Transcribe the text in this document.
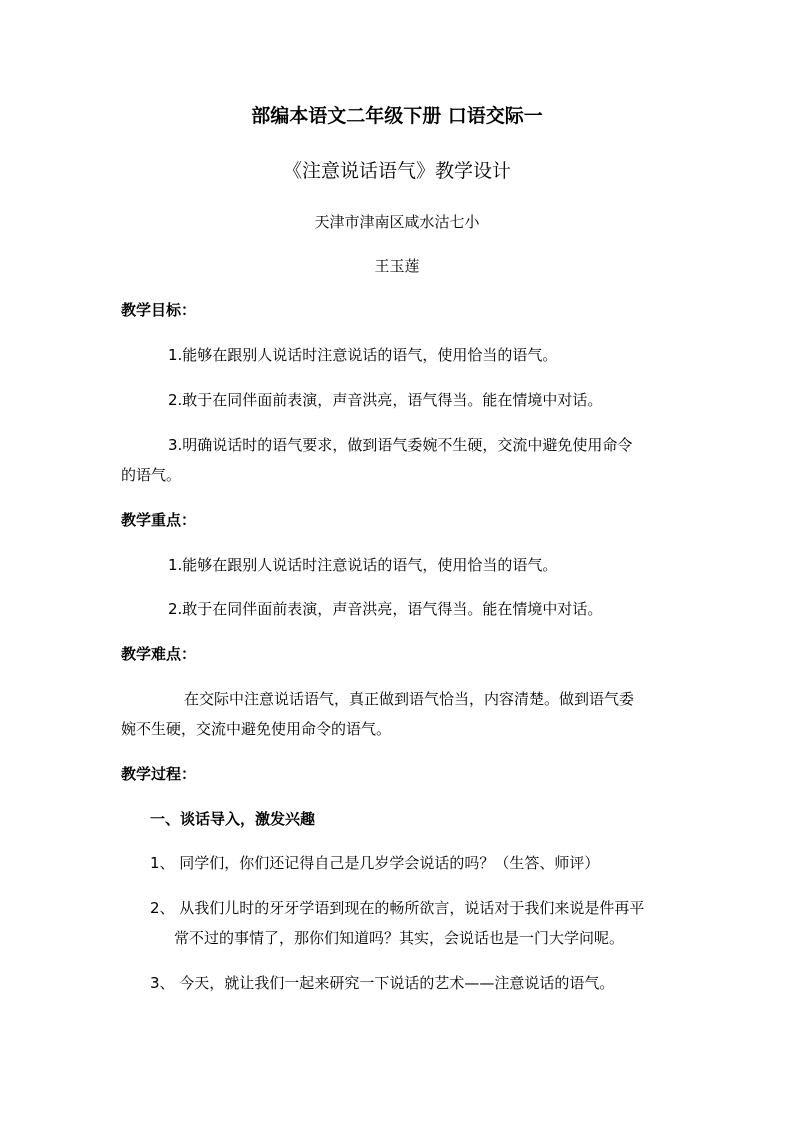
部编本语文二年级下册 口语交际一
《注意说话语气》教学设计
天津市津南区咸水沽七小
王玉莲
教学目标：
1.能够在跟别人说话时注意说话的语气，使用恰当的语气。
2.敢于在同伴面前表演，声音洪亮，语气得当。能在情境中对话。
3.明确说话时的语气要求，做到语气委婉不生硬，交流中避免使用命令
的语气。
教学重点：
1.能够在跟别人说话时注意说话的语气，使用恰当的语气。
2.敢于在同伴面前表演，声音洪亮，语气得当。能在情境中对话。
教学难点：
在交际中注意说话语气，真正做到语气恰当，内容清楚。做到语气委
婉不生硬，交流中避免使用命令的语气。
教学过程：
一、谈话导入，激发兴趣
1、 同学们，你们还记得自己是几岁学会说话的吗？（生答、师评）
2、 从我们儿时的牙牙学语到现在的畅所欲言，说话对于我们来说是件再平
常不过的事情了，那你们知道吗？其实，会说话也是一门大学问呢。
3、 今天，就让我们一起来研究一下说话的艺术——注意说话的语气。
